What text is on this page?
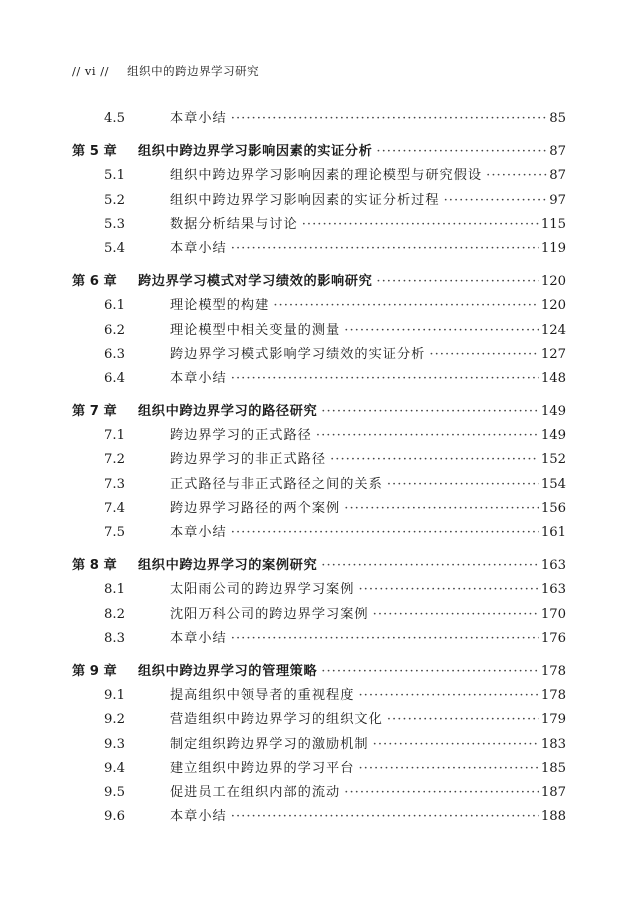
// vi // 组织中的跨边界学习研究
4.5	本章小结 ·····	85
第 5 章	组织中跨边界学习影响因素的实证分析 ·····	87
5.1	组织中跨边界学习影响因素的理论模型与研究假设 ·····	87
5.2	组织中跨边界学习影响因素的实证分析过程 ·····	97
5.3	数据分析结果与讨论 ·····	115
5.4	本章小结 ·····	119
第 6 章	跨边界学习模式对学习绩效的影响研究 ·····	120
6.1	理论模型的构建 ·····	120
6.2	理论模型中相关变量的测量 ·····	124
6.3	跨边界学习模式影响学习绩效的实证分析 ·····	127
6.4	本章小结 ·····	148
第 7 章	组织中跨边界学习的路径研究 ·····	149
7.1	跨边界学习的正式路径 ·····	149
7.2	跨边界学习的非正式路径 ·····	152
7.3	正式路径与非正式路径之间的关系 ·····	154
7.4	跨边界学习路径的两个案例 ·····	156
7.5	本章小结 ·····	161
第 8 章	组织中跨边界学习的案例研究 ·····	163
8.1	太阳雨公司的跨边界学习案例 ·····	163
8.2	沈阳万科公司的跨边界学习案例 ·····	170
8.3	本章小结 ·····	176
第 9 章	组织中跨边界学习的管理策略 ·····	178
9.1	提高组织中领导者的重视程度 ·····	178
9.2	营造组织中跨边界学习的组织文化 ·····	179
9.3	制定组织跨边界学习的激励机制 ·····	183
9.4	建立组织中跨边界的学习平台 ·····	185
9.5	促进员工在组织内部的流动 ·····	187
9.6	本章小结 ·····	188
